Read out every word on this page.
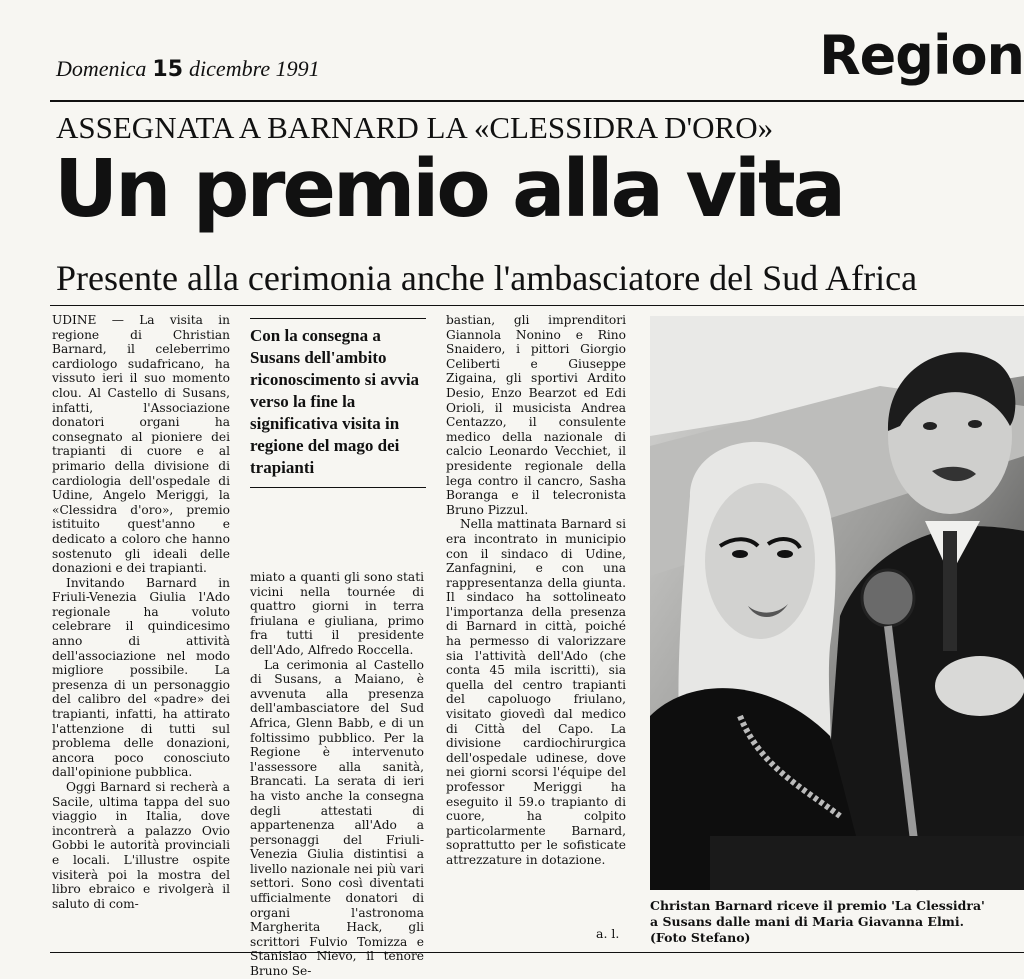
Domenica 15 dicembre 1991	Region
ASSEGNATA A BARNARD LA «CLESSIDRA D'ORO»
Un premio alla vita
Presente alla cerimonia anche l'ambasciatore del Sud Africa

UDINE — La visita in regione di Christian Barnard, il celeberrimo cardiologo sudafricano, ha vissuto ieri il suo momento clou. Al Castello di Susans, infatti, l'Associazione donatori organi ha consegnato al pioniere dei trapianti di cuore e al primario della divisione di cardiologia dell'ospedale di Udine, Angelo Meriggi, la «Clessidra d'oro», premio istituito quest'anno e dedicato a coloro che hanno sostenuto gli ideali delle donazioni e dei trapianti.

Invitando Barnard in Friuli-Venezia Giulia l'Ado regionale ha voluto celebrare il quindicesimo anno di attività dell'associazione nel modo migliore possibile. La presenza di un personaggio del calibro del «padre» dei trapianti, infatti, ha attirato l'attenzione di tutti sul problema delle donazioni, ancora poco conosciuto dall'opinione pubblica.

Oggi Barnard si recherà a Sacile, ultima tappa del suo viaggio in Italia, dove incontrerà a palazzo Ovio Gobbi le autorità provinciali e locali. L'illustre ospite visiterà poi la mostra del libro ebraico e rivolgerà il saluto di com-

Con la consegna a Susans dell'ambito riconoscimento si avvia verso la fine la significativa visita in regione del mago dei trapianti

miato a quanti gli sono stati vicini nella tournée di quattro giorni in terra friulana e giuliana, primo fra tutti il presidente dell'Ado, Alfredo Roccella.

La cerimonia al Castello di Susans, a Maiano, è avvenuta alla presenza dell'ambasciatore del Sud Africa, Glenn Babb, e di un foltissimo pubblico. Per la Regione è intervenuto l'assessore alla sanità, Brancati. La serata di ieri ha visto anche la consegna degli attestati di appartenenza all'Ado a personaggi del Friuli-Venezia Giulia distintisi a livello nazionale nei più vari settori. Sono così diventati ufficialmente donatori di organi l'astronoma Margherita Hack, gli scrittori Fulvio Tomizza e Stanislao Nievo, il tenore Bruno Se-

bastian, gli imprenditori Giannola Nonino e Rino Snaidero, i pittori Giorgio Celiberti e Giuseppe Zigaina, gli sportivi Ardito Desio, Enzo Bearzot ed Edi Orioli, il musicista Andrea Centazzo, il consulente medico della nazionale di calcio Leonardo Vecchiet, il presidente regionale della lega contro il cancro, Sasha Boranga e il telecronista Bruno Pizzul.

Nella mattinata Barnard si era incontrato in municipio con il sindaco di Udine, Zanfagnini, e con una rappresentanza della giunta. Il sindaco ha sottolineato l'importanza della presenza di Barnard in città, poiché ha permesso di valorizzare sia l'attività dell'Ado (che conta 45 mila iscritti), sia quella del centro trapianti del capoluogo friulano, visitato giovedì dal medico di Città del Capo. La divisione cardiochirurgica dell'ospedale udinese, dove nei giorni scorsi l'équipe del professor Meriggi ha eseguito il 59.o trapianto di cuore, ha colpito particolarmente Barnard, soprattutto per le sofisticate attrezzature in dotazione.

a. l.
Christan Barnard riceve il premio 'La Clessidra'
a Susans dalle mani di Maria Giavanna Elmi.
(Foto Stefano)
